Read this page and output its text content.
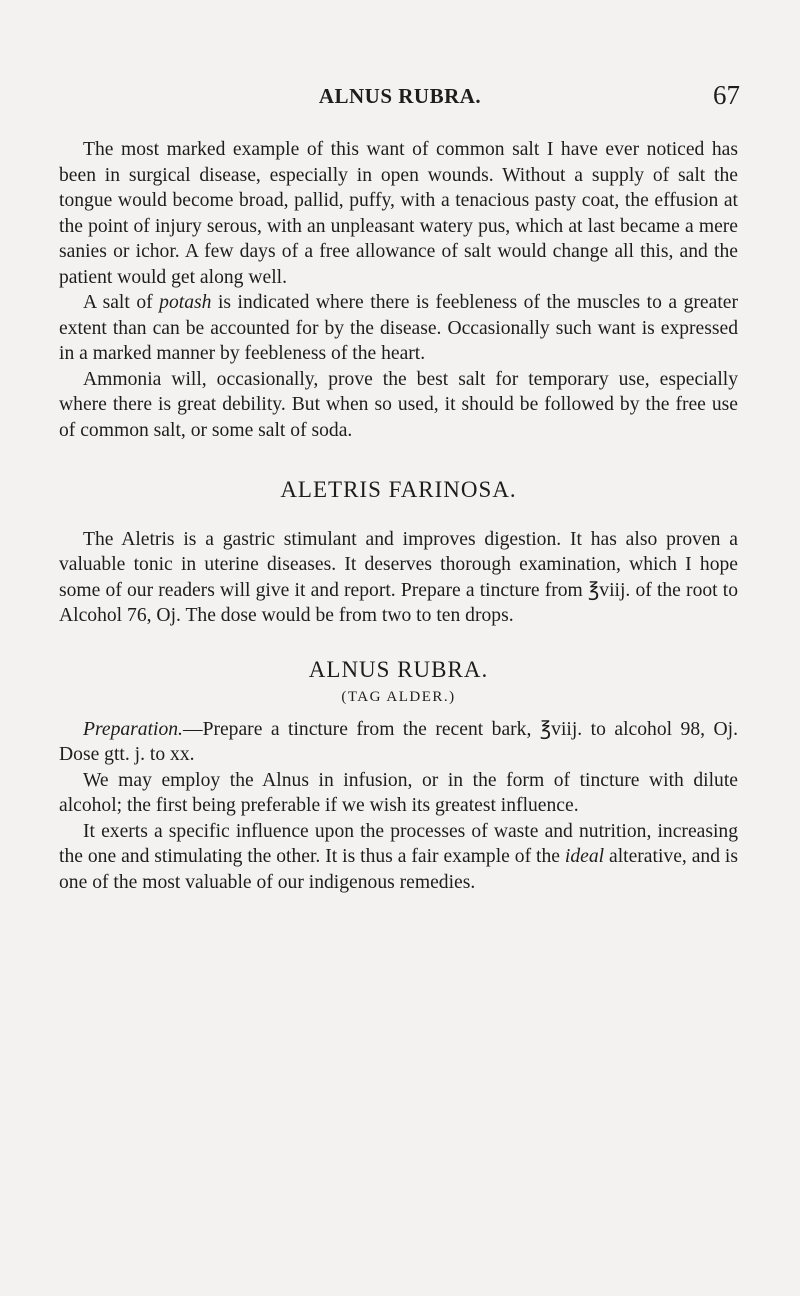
ALNUS RUBRA.	67

The most marked example of this want of common salt I have ever noticed has been in surgical disease, especially in open wounds. Without a supply of salt the tongue would become broad, pallid, puffy, with a tenacious pasty coat, the effusion at the point of injury serous, with an unpleasant watery pus, which at last became a mere sanies or ichor. A few days of a free allowance of salt would change all this, and the patient would get along well.

A salt of potash is indicated where there is feebleness of the muscles to a greater extent than can be accounted for by the disease. Occasionally such want is expressed in a marked manner by feebleness of the heart.

Ammonia will, occasionally, prove the best salt for temporary use, especially where there is great debility. But when so used, it should be followed by the free use of common salt, or some salt of soda.

ALETRIS FARINOSA.

The Aletris is a gastric stimulant and improves digestion. It has also proven a valuable tonic in uterine diseases. It deserves thorough examination, which I hope some of our readers will give it and report. Prepare a tincture from ℥viij. of the root to Alcohol 76, Oj. The dose would be from two to ten drops.

ALNUS RUBRA.
(TAG ALDER.)

Preparation.—Prepare a tincture from the recent bark, ℥viij. to alcohol 98, Oj. Dose gtt. j. to xx.

We may employ the Alnus in infusion, or in the form of tincture with dilute alcohol; the first being preferable if we wish its greatest influence.

It exerts a specific influence upon the processes of waste and nutrition, increasing the one and stimulating the other. It is thus a fair example of the ideal alterative, and is one of the most valuable of our indigenous remedies.
